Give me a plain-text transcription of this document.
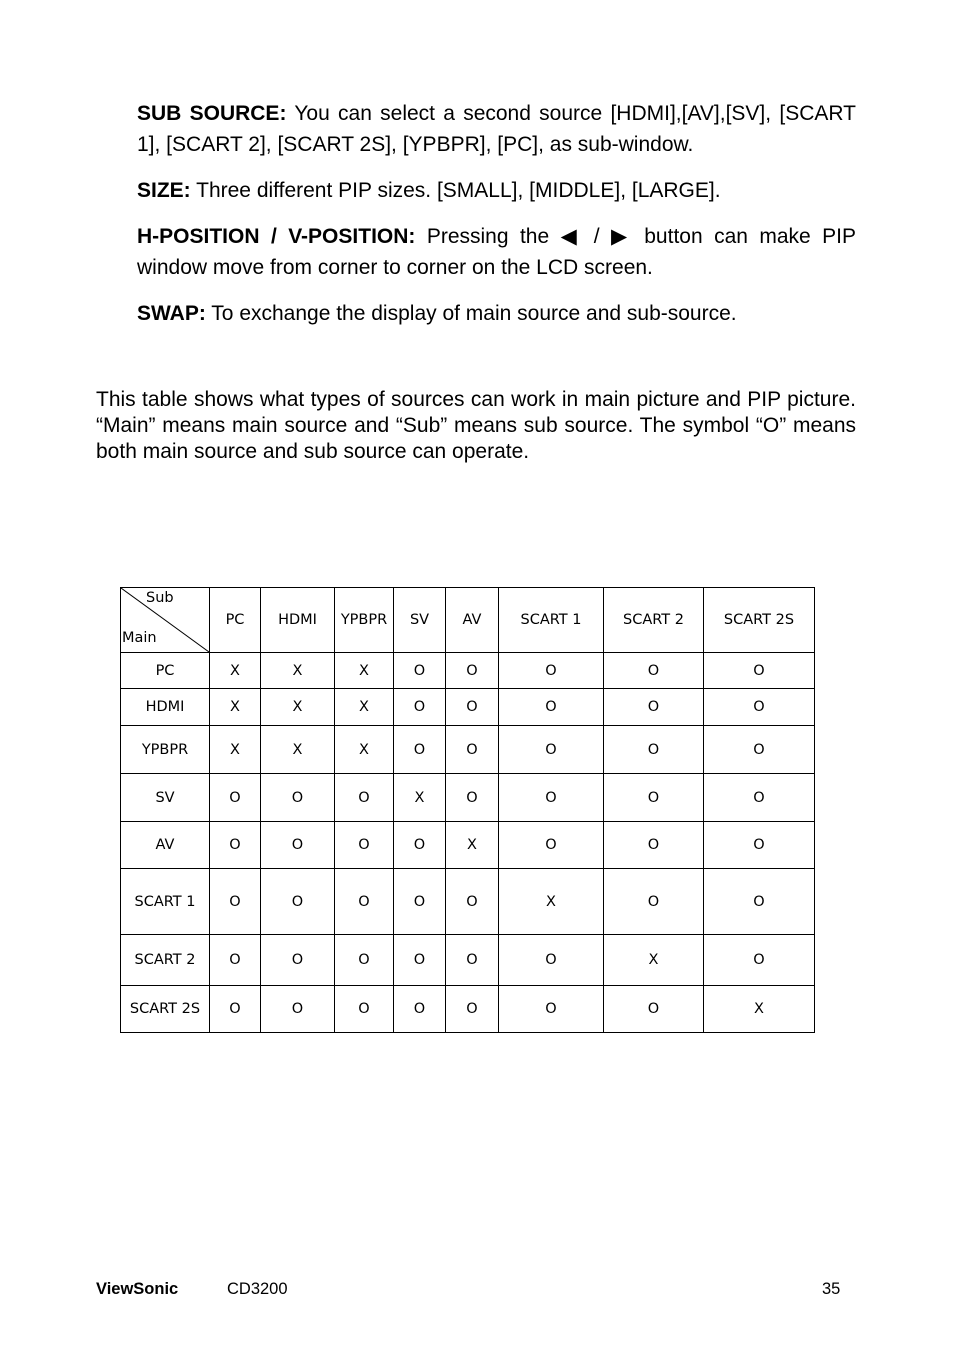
SUB SOURCE: You can select a second source [HDMI],[AV],[SV], [SCART 1], [SCART 2], [SCART 2S], [YPBPR], [PC], as sub-window.

SIZE: Three different PIP sizes. [SMALL], [MIDDLE], [LARGE].

H-POSITION / V-POSITION: Pressing the ◀ / ▶ button can make PIP window move from corner to corner on the LCD screen.

SWAP: To exchange the display of main source and sub-source.

This table shows what types of sources can work in main picture and PIP picture. “Main” means main source and “Sub” means sub source. The symbol “O” means both main source and sub source can operate.

Sub
Main	PC	HDMI	YPBPR	SV	AV	SCART 1	SCART 2	SCART 2S
PC	X	X	X	O	O	O	O	O
HDMI	X	X	X	O	O	O	O	O
YPBPR	X	X	X	O	O	O	O	O
SV	O	O	O	X	O	O	O	O
AV	O	O	O	O	X	O	O	O
SCART 1	O	O	O	O	O	X	O	O
SCART 2	O	O	O	O	O	O	X	O
SCART 2S	O	O	O	O	O	O	O	X
ViewSonic	CD3200	35
